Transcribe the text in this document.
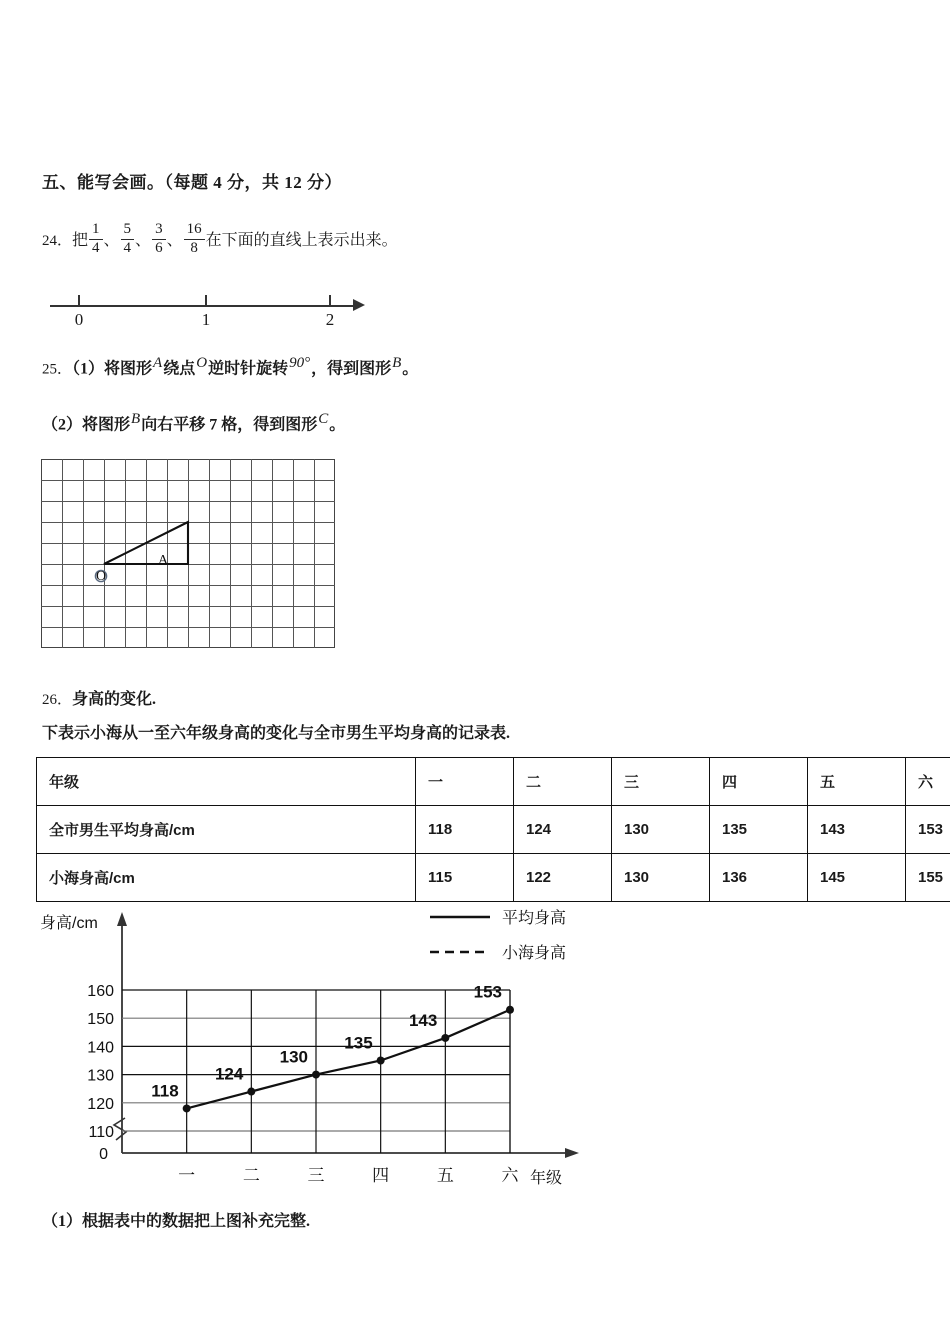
五、能写会画。（每题 4 分，共 12 分）
24．把 $\frac{1}{4}$ 、 $\frac{5}{4}$ 、 $\frac{3}{6}$ 、 $\frac{16}{8}$ 在下面的直线上表示出来。
0	1	2
25．（1）将图形A绕点O逆时针旋转90°，得到图形B。
（2）将图形B向右平移 7 格，得到图形C。
A
O
26．身高的变化.
下表示小海从一至六年级身高的变化与全市男生平均身高的记录表.
年级	一	二	三	四	五	六
全市男生平均身高/cm	118	124	130	135	143	153
小海身高/cm	115	122	130	136	145	155
身高/cm
110
120
130
140
150
160
0
一	二	三	四	五	六 年级
118
124
130
135
143
153
平均身高
小海身高
（1）根据表中的数据把上图补充完整.
